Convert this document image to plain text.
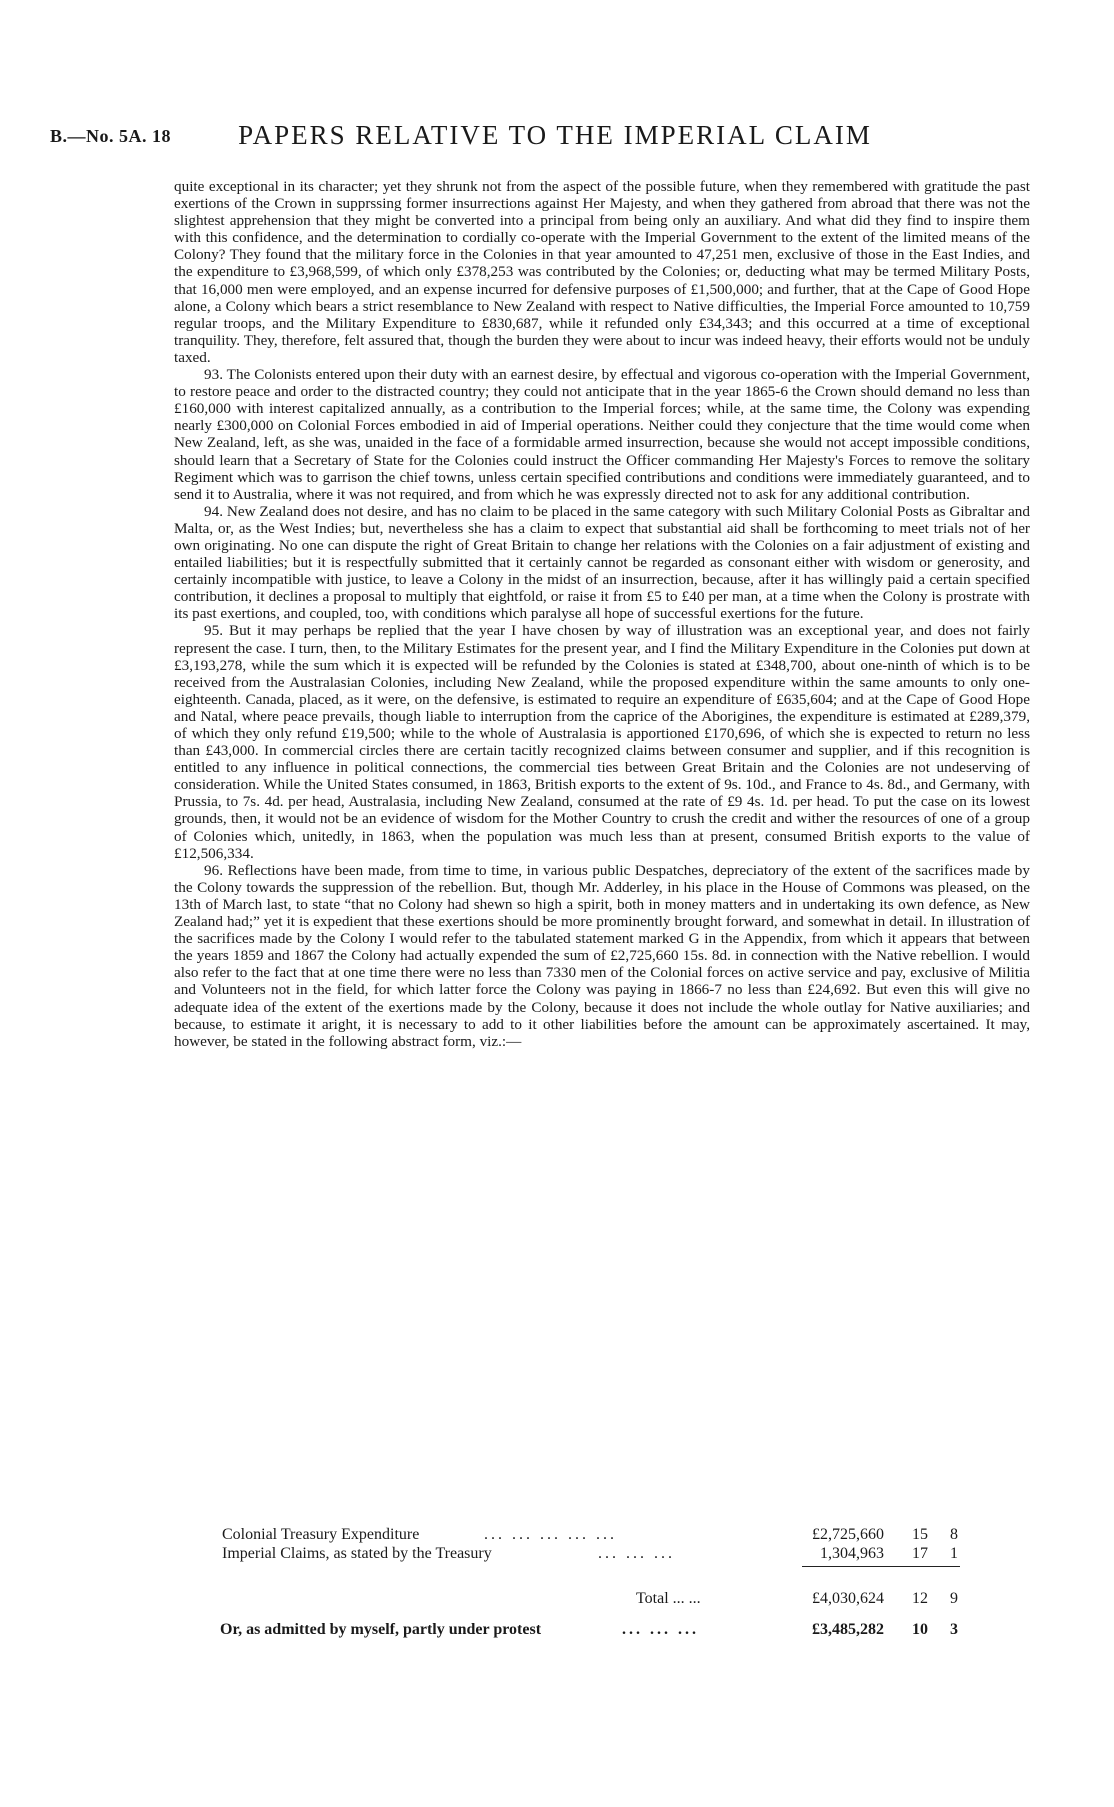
B.—No. 5A. 18	PAPERS RELATIVE TO THE IMPERIAL CLAIM

quite exceptional in its character; yet they shrunk not from the aspect of the possible future, when they remembered with gratitude the past exertions of the Crown in supprssing former insurrections against Her Majesty, and when they gathered from abroad that there was not the slightest apprehension that they might be converted into a principal from being only an auxiliary. And what did they find to inspire them with this confidence, and the determination to cordially co-operate with the Imperial Government to the extent of the limited means of the Colony? They found that the military force in the Colonies in that year amounted to 47,251 men, exclusive of those in the East Indies, and the expenditure to £3,968,599, of which only £378,253 was contributed by the Colonies; or, deducting what may be termed Military Posts, that 16,000 men were employed, and an expense incurred for defensive purposes of £1,500,000; and further, that at the Cape of Good Hope alone, a Colony which bears a strict resemblance to New Zealand with respect to Native difficulties, the Imperial Force amounted to 10,759 regular troops, and the Military Expenditure to £830,687, while it refunded only £34,343; and this occurred at a time of exceptional tranquility. They, therefore, felt assured that, though the burden they were about to incur was indeed heavy, their efforts would not be unduly taxed.

93. The Colonists entered upon their duty with an earnest desire, by effectual and vigorous co-operation with the Imperial Government, to restore peace and order to the distracted country; they could not anticipate that in the year 1865-6 the Crown should demand no less than £160,000 with interest capitalized annually, as a contribution to the Imperial forces; while, at the same time, the Colony was expending nearly £300,000 on Colonial Forces embodied in aid of Imperial operations. Neither could they conjecture that the time would come when New Zealand, left, as she was, unaided in the face of a formidable armed insurrection, because she would not accept impossible conditions, should learn that a Secretary of State for the Colonies could instruct the Officer commanding Her Majesty's Forces to remove the solitary Regiment which was to garrison the chief towns, unless certain specified contributions and conditions were immediately guaranteed, and to send it to Australia, where it was not required, and from which he was expressly directed not to ask for any additional contribution.

94. New Zealand does not desire, and has no claim to be placed in the same category with such Military Colonial Posts as Gibraltar and Malta, or, as the West Indies; but, nevertheless she has a claim to expect that substantial aid shall be forthcoming to meet trials not of her own originating. No one can dispute the right of Great Britain to change her relations with the Colonies on a fair adjustment of existing and entailed liabilities; but it is respectfully submitted that it certainly cannot be regarded as consonant either with wisdom or generosity, and certainly incompatible with justice, to leave a Colony in the midst of an insurrection, because, after it has willingly paid a certain specified contribution, it declines a proposal to multiply that eightfold, or raise it from £5 to £40 per man, at a time when the Colony is prostrate with its past exertions, and coupled, too, with conditions which paralyse all hope of successful exertions for the future.

95. But it may perhaps be replied that the year I have chosen by way of illustration was an exceptional year, and does not fairly represent the case. I turn, then, to the Military Estimates for the present year, and I find the Military Expenditure in the Colonies put down at £3,193,278, while the sum which it is expected will be refunded by the Colonies is stated at £348,700, about one-ninth of which is to be received from the Australasian Colonies, including New Zealand, while the proposed expenditure within the same amounts to only one-eighteenth. Canada, placed, as it were, on the defensive, is estimated to require an expenditure of £635,604; and at the Cape of Good Hope and Natal, where peace prevails, though liable to interruption from the caprice of the Aborigines, the expenditure is estimated at £289,379, of which they only refund £19,500; while to the whole of Australasia is apportioned £170,696, of which she is expected to return no less than £43,000. In commercial circles there are certain tacitly recognized claims between consumer and supplier, and if this recognition is entitled to any influence in political connections, the commercial ties between Great Britain and the Colonies are not undeserving of consideration. While the United States consumed, in 1863, British exports to the extent of 9s. 10d., and France to 4s. 8d., and Germany, with Prussia, to 7s. 4d. per head, Australasia, including New Zealand, consumed at the rate of £9 4s. 1d. per head. To put the case on its lowest grounds, then, it would not be an evidence of wisdom for the Mother Country to crush the credit and wither the resources of one of a group of Colonies which, unitedly, in 1863, when the population was much less than at present, consumed British exports to the value of £12,506,334.

96. Reflections have been made, from time to time, in various public Despatches, depreciatory of the extent of the sacrifices made by the Colony towards the suppression of the rebellion. But, though Mr. Adderley, in his place in the House of Commons was pleased, on the 13th of March last, to state “that no Colony had shewn so high a spirit, both in money matters and in undertaking its own defence, as New Zealand had;” yet it is expedient that these exertions should be more prominently brought forward, and somewhat in detail. In illustration of the sacrifices made by the Colony I would refer to the tabulated statement marked G in the Appendix, from which it appears that between the years 1859 and 1867 the Colony had actually expended the sum of £2,725,660 15s. 8d. in connection with the Native rebellion. I would also refer to the fact that at one time there were no less than 7330 men of the Colonial forces on active service and pay, exclusive of Militia and Volunteers not in the field, for which latter force the Colony was paying in 1866-7 no less than £24,692. But even this will give no adequate idea of the extent of the exertions made by the Colony, because it does not include the whole outlay for Native auxiliaries; and because, to estimate it aright, it is necessary to add to it other liabilities before the amount can be approximately ascertained. It may, however, be stated in the following abstract form, viz.:—

Colonial Treasury Expenditure	... ... ... ... ...	£2,725,660	15	8
Imperial Claims, as stated by the Treasury	... ... ...	1,304,963	17	1
Total ... ...	£4,030,624	12	9
Or, as admitted by myself, partly under protest	... ... ...	£3,485,282	10	3
